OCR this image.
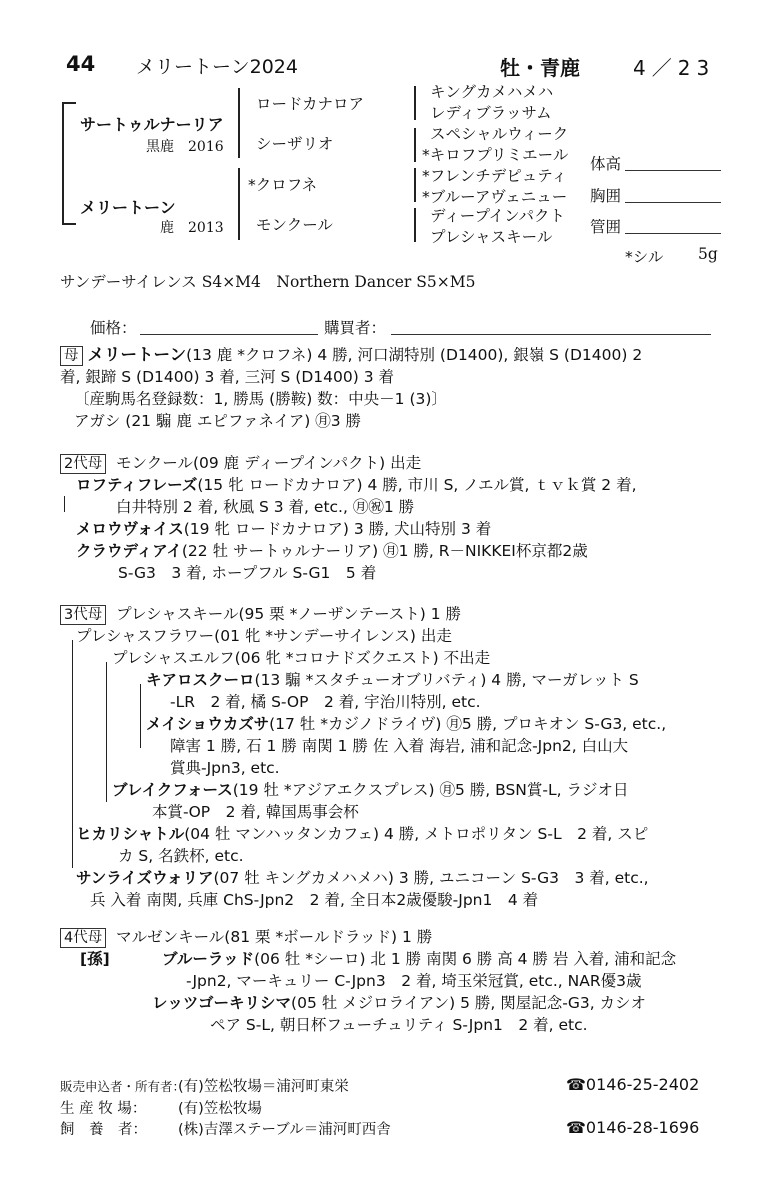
44 メリートーン2024	牡・青鹿	4／23
サートゥルナーリア
黒鹿　2016
メリートーン
鹿　2013
ロードカナロア
シーザリオ
*クロフネ
モンクール
キングカメハメハ
レディブラッサム
スペシャルウィーク
*キロフプリミエール
*フレンチデピュティ
*ブルーアヴェニュー
ディープインパクト
プレシャスキール
体高
胸囲
管囲
*シル 5g
サンデーサイレンス S4×M4　Northern Dancer S5×M5
価格：	購買者：
母 メリートーン(13 鹿 *クロフネ) 4 勝, 河口湖特別 (D1400), 銀嶺 S (D1400) 2
着, 銀蹄 S (D1400) 3 着, 三河 S (D1400) 3 着
〔産駒馬名登録数：1, 勝馬 (勝鞍) 数：中央－1 (3)〕
アガシ (21 騸 鹿 エピファネイア) ㊊3 勝
2代母 モンクール(09 鹿 ディープインパクト) 出走
ロフティフレーズ(15 牝 ロードカナロア) 4 勝, 市川 S, ノエル賞, ｔｖｋ賞 2 着,
白井特別 2 着, 秋風 S 3 着, etc., ㊊㊗1 勝
メロウヴォイス(19 牝 ロードカナロア) 3 勝, 犬山特別 3 着
クラウディアイ(22 牡 サートゥルナーリア) ㊊1 勝, R－NIKKEI杯京都2歳
S-G3　3 着, ホープフル S-G1　5 着
3代母 プレシャスキール(95 栗 *ノーザンテースト) 1 勝
プレシャスフラワー(01 牝 *サンデーサイレンス) 出走
プレシャスエルフ(06 牝 *コロナドズクエスト) 不出走
キアロスクーロ(13 騸 *スタチューオブリバティ) 4 勝, マーガレット S
-LR　2 着, 橘 S-OP　2 着, 宇治川特別, etc.
メイショウカズサ(17 牡 *カジノドライヴ) ㊊5 勝, プロキオン S-G3, etc.,
障害 1 勝, 石 1 勝 南関 1 勝 佐 入着 海岩, 浦和記念-Jpn2, 白山大
賞典-Jpn3, etc.
ブレイクフォース(19 牡 *アジアエクスプレス) ㊊5 勝, BSN賞-L, ラジオ日
本賞-OP　2 着, 韓国馬事会杯
ヒカリシャトル(04 牡 マンハッタンカフェ) 4 勝, メトロポリタン S-L　2 着, スピ
カ S, 名鉄杯, etc.
サンライズウォリア(07 牡 キングカメハメハ) 3 勝, ユニコーン S-G3　3 着, etc.,
兵 入着 南関, 兵庫 ChS-Jpn2　2 着, 全日本2歳優駿-Jpn1　4 着
4代母 マルゼンキール(81 栗 *ボールドラッド) 1 勝
[孫]	ブルーラッド(06 牡 *シーロ) 北 1 勝 南関 6 勝 高 4 勝 岩 入着, 浦和記念
-Jpn2, マーキュリー C-Jpn3　2 着, 埼玉栄冠賞, etc., NAR優3歳
レッツゴーキリシマ(05 牡 メジロライアン) 5 勝, 関屋記念-G3, カシオ
ペア S-L, 朝日杯フューチュリティ S-Jpn1　2 着, etc.
販売申込者・所有者：
(有)笠松牧場＝浦河町東栄	☎0146-25-2402
生 産 牧 場： (有)笠松牧場
飼　養　者： (株)吉澤ステーブル＝浦河町西舎	☎0146-28-1696
